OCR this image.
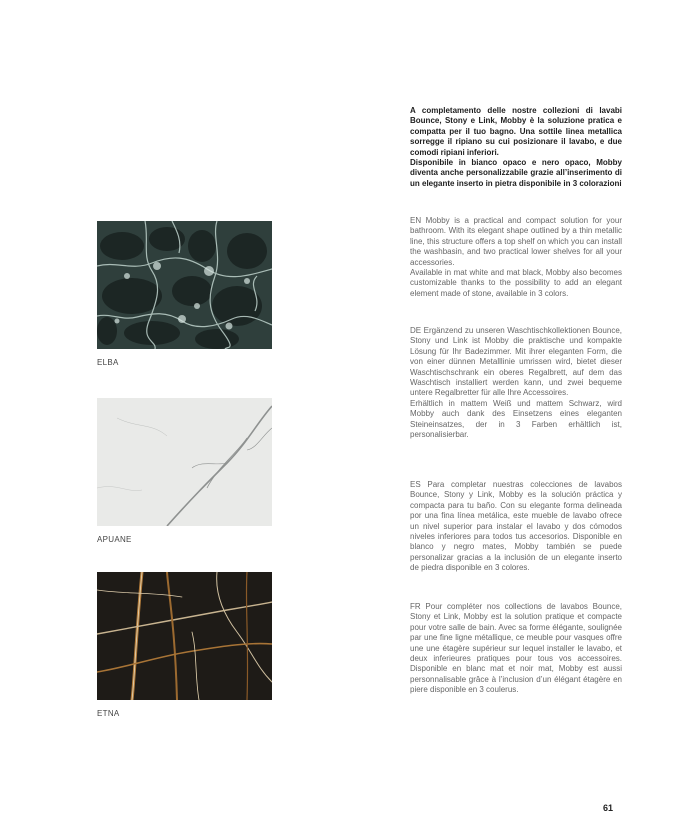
ELBA
APUANE
ETNA

A completamento delle nostre collezioni di lavabi Bounce, Stony e Link, Mobby è la soluzione pratica e compatta per il tuo bagno. Una sottile linea metallica sorregge il ripiano su cui posizionare il lavabo, e due comodi ripiani inferiori.

Disponibile in bianco opaco e nero opaco, Mobby diventa anche personalizzabile grazie all’inserimento di un elegante inserto in pietra disponibile in 3 colorazioni

EN Mobby is a practical and compact solution for your bathroom. With its elegant shape outlined by a thin metallic line, this structure offers a top shelf on which you can install the washbasin, and two practical lower shelves for all your accessories.

Available in mat white and mat black, Mobby also becomes customizable thanks to the possibility to add an elegant element made of stone, available in 3 colors.

DE Ergänzend zu unseren Waschtischkollektionen Bounce, Stony und Link ist Mobby die praktische und kompakte Lösung für Ihr Badezimmer. Mit ihrer eleganten Form, die von einer dünnen Metalllinie umrissen wird, bietet dieser Waschtischschrank ein oberes Regalbrett, auf dem das Waschtisch installiert werden kann, und zwei bequeme untere Regalbretter für alle Ihre Accessoires.

Erhältlich in mattem Weiß und mattem Schwarz, wird Mobby auch dank des Einsetzens eines eleganten Steineinsatzes, der in 3 Farben erhältlich ist, personalisierbar.

ES Para completar nuestras colecciones de lavabos Bounce, Stony y Link, Mobby es la solución práctica y compacta para tu baño. Con su elegante forma delineada por una fina línea metálica, este mueble de lavabo ofrece un nivel superior para instalar el lavabo y dos cómodos niveles inferiores para todos tus accesorios. Disponible en blanco y negro mates, Mobby también se puede personalizar gracias a la inclusión de un elegante inserto de piedra disponible en 3 colores.

FR Pour compléter nos collections de lavabos Bounce, Stony et Link, Mobby est la solution pratique et compacte pour votre salle de bain. Avec sa forme élégante, soulignée par une fine ligne métallique, ce meuble pour vasques offre une une étagère supérieur sur lequel installer le lavabo, et deux inferieures pratiques pour tous vos accessoires. Disponible en blanc mat et noir mat, Mobby est aussi personnalisable grâce à l’inclusion d’un élégant étagère en piere disponible en 3 coulerus.

61
